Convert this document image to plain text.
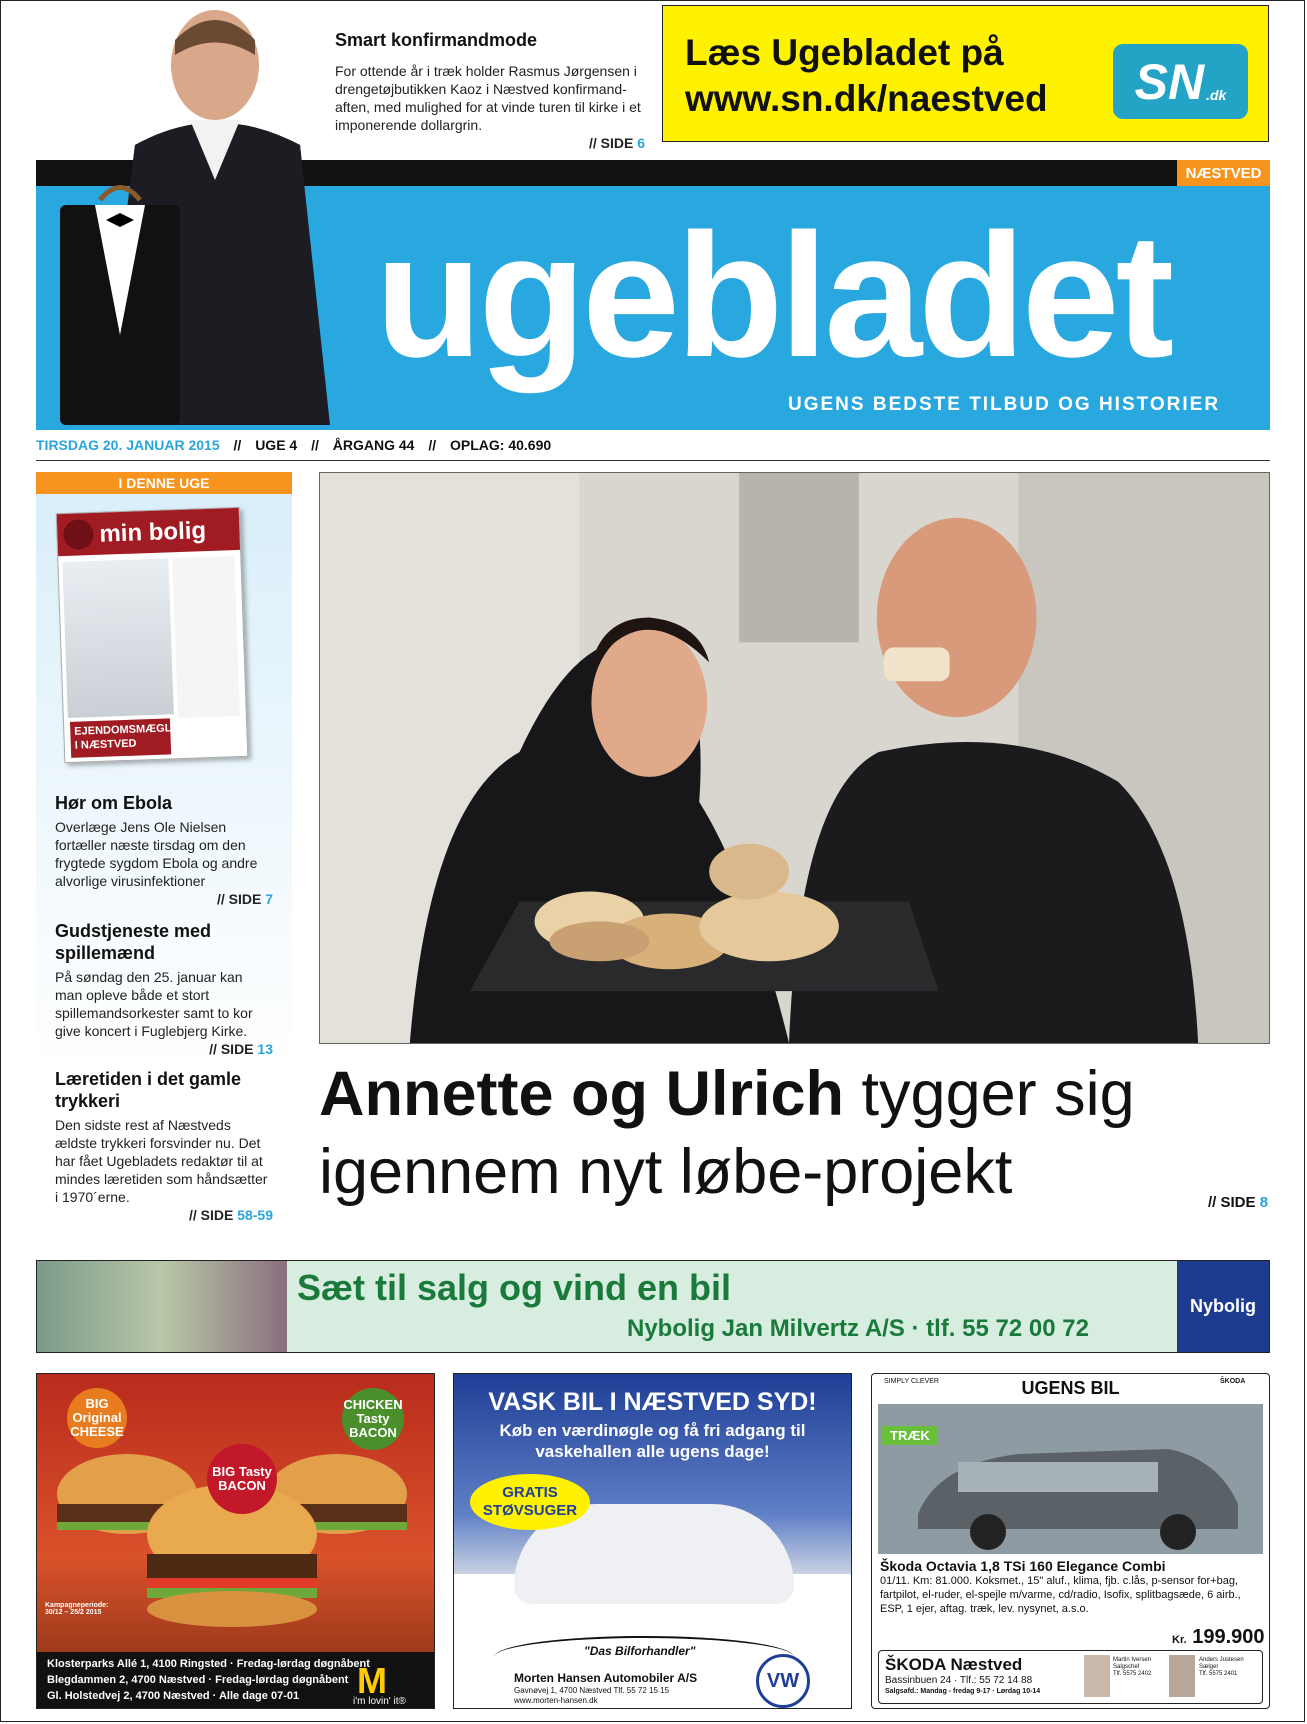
Smart konfirmandmode
For ottende år i træk holder Rasmus Jørgensen i drengetøjbutikken Kaoz i Næstved konfirmand-aften, med mulighed for at vinde turen til kirke i et imponerende dollargrin.
// SIDE 6
Læs Ugebladet på
www.sn.dk/naestved SN .dk
NÆSTVED
ugebladet
UGENS BEDSTE TILBUD OG HISTORIER
TIRSDAG 20. JANUAR 2015 // UGE 4 // ÅRGANG 44 // OPLAG: 40.690
I DENNE UGE
min bolig
EJENDOMSMÆGLERNE I NÆSTVED
Hør om Ebola
Overlæge Jens Ole Nielsen fortæller næste tirsdag om den frygtede sygdom Ebola og andre alvorlige virusinfektioner
// SIDE 7
Gudstjeneste med spillemænd
På søndag den 25. januar kan man opleve både et stort spillemandsorkester samt to kor give koncert i Fuglebjerg Kirke.
// SIDE 13
Læretiden i det gamle trykkeri
Den sidste rest af Næstveds ældste trykkeri forsvinder nu. Det har fået Ugebladets redaktør til at mindes læretiden som håndsætter i 1970´erne.
// SIDE 58-59
Annette og Ulrich tygger sig igennem nyt løbe-projekt	// SIDE 8
Sæt til salg og vind en bil
Nybolig Jan Milvertz A/S · tlf. 55 72 00 72
Nybolig
BIG Original CHEESE
BIG Tasty BACON
CHICKEN Tasty BACON
Kampagneperiode: 30/12 – 25/2 2015
Klosterparks Allé 1, 4100 Ringsted · Fredag-lørdag døgnåbent
Blegdammen 2, 4700 Næstved · Fredag-lørdag døgnåbent
Gl. Holstedvej 2, 4700 Næstved · Alle dage 07-01	M
i'm lovin' it®
VASK BIL I NÆSTVED SYD!
Køb en værdinøgle og få fri adgang til vaskehallen alle ugens dage!
GRATIS STØVSUGER
"Das Bilforhandler"
Morten Hansen Automobiler A/S
Gavnøvej 1, 4700 Næstved Tlf. 55 72 15 15
www.morten-hansen.dk
VW
SIMPLY CLEVER	UGENS BIL	ŠKODA
TRÆK
Škoda Octavia 1,8 TSi 160 Elegance Combi
01/11. Km: 81.000. Koksmet., 15" aluf., klima, fjb. c.lås, p-sensor for+bag, fartpilot, el-ruder, el-spejle m/varme, cd/radio, Isofix, splitbagsæde, 6 airb., ESP, 1 ejer, aftag. træk, lev. nysynet, a.s.o.
Kr. 199.900
ŠKODA Næstved
Bassinbuen 24 · Tlf.: 55 72 14 88
Salgsafd.: Mandag - fredag 9-17 · Lørdag 10-14
Martin Iversen
Salgschef
Tlf. 5575 2402
Anders Justesen
Sælger
Tlf. 5575 2401
